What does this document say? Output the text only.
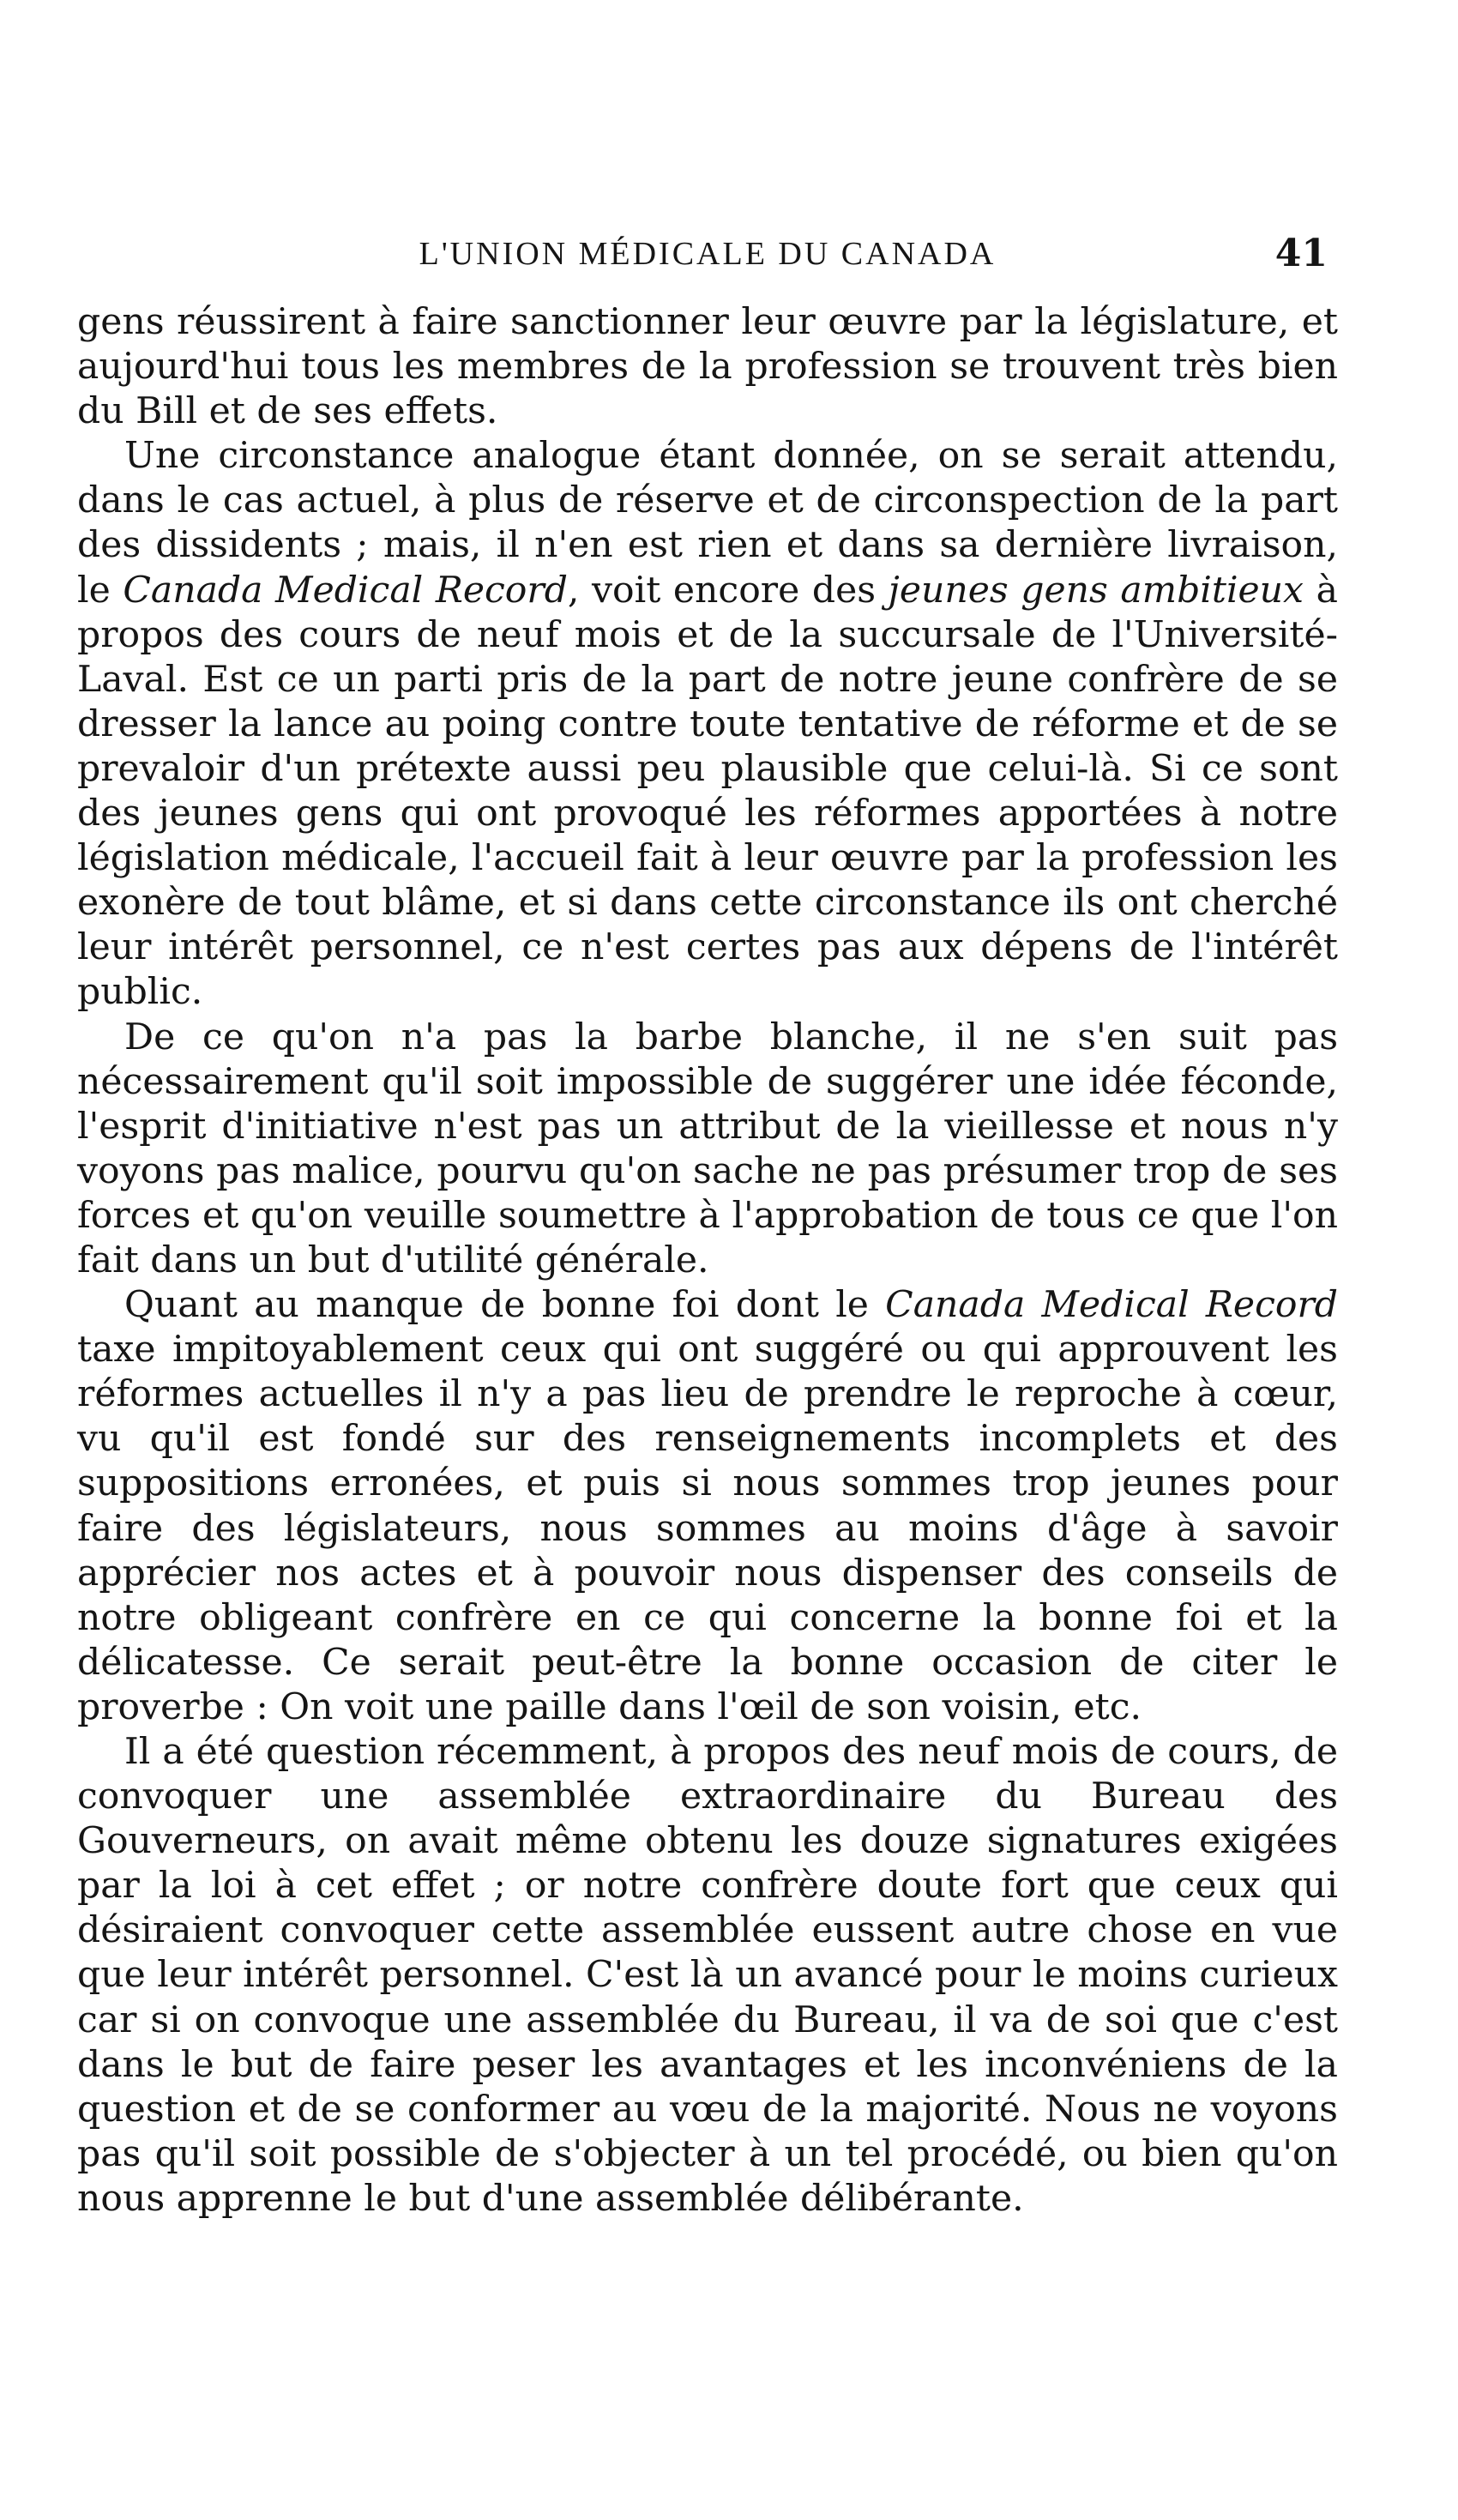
L'UNION MÉDICALE DU CANADA	41

gens réussirent à faire sanctionner leur œuvre par la législature, et aujourd'hui tous les membres de la profession se trouvent très bien du Bill et de ses effets.

Une circonstance analogue étant donnée, on se serait attendu, dans le cas actuel, à plus de réserve et de circonspection de la part des dissidents ; mais, il n'en est rien et dans sa dernière livraison, le Canada Medical Record, voit encore des jeunes gens ambitieux à propos des cours de neuf mois et de la succursale de l'Université-Laval. Est ce un parti pris de la part de notre jeune confrère de se dresser la lance au poing contre toute tentative de réforme et de se prevaloir d'un prétexte aussi peu plausible que celui-là. Si ce sont des jeunes gens qui ont provoqué les réformes apportées à notre législation médicale, l'accueil fait à leur œuvre par la profession les exonère de tout blâme, et si dans cette circonstance ils ont cherché leur intérêt personnel, ce n'est certes pas aux dépens de l'intérêt public.

De ce qu'on n'a pas la barbe blanche, il ne s'en suit pas nécessairement qu'il soit impossible de suggérer une idée féconde, l'esprit d'initiative n'est pas un attribut de la vieillesse et nous n'y voyons pas malice, pourvu qu'on sache ne pas présumer trop de ses forces et qu'on veuille soumettre à l'approbation de tous ce que l'on fait dans un but d'utilité générale.

Quant au manque de bonne foi dont le Canada Medical Record taxe impitoyablement ceux qui ont suggéré ou qui approuvent les réformes actuelles il n'y a pas lieu de prendre le reproche à cœur, vu qu'il est fondé sur des renseignements incomplets et des suppositions erronées, et puis si nous sommes trop jeunes pour faire des législateurs, nous sommes au moins d'âge à savoir apprécier nos actes et à pouvoir nous dispenser des conseils de notre obligeant confrère en ce qui concerne la bonne foi et la délicatesse. Ce serait peut-être la bonne occasion de citer le proverbe : On voit une paille dans l'œil de son voisin, etc.

Il a été question récemment, à propos des neuf mois de cours, de convoquer une assemblée extraordinaire du Bureau des Gouverneurs, on avait même obtenu les douze signatures exigées par la loi à cet effet ; or notre confrère doute fort que ceux qui désiraient convoquer cette assemblée eussent autre chose en vue que leur intérêt personnel. C'est là un avancé pour le moins curieux car si on convoque une assemblée du Bureau, il va de soi que c'est dans le but de faire peser les avantages et les inconvéniens de la question et de se conformer au vœu de la majorité. Nous ne voyons pas qu'il soit possible de s'objecter à un tel procédé, ou bien qu'on nous apprenne le but d'une assemblée délibérante.
